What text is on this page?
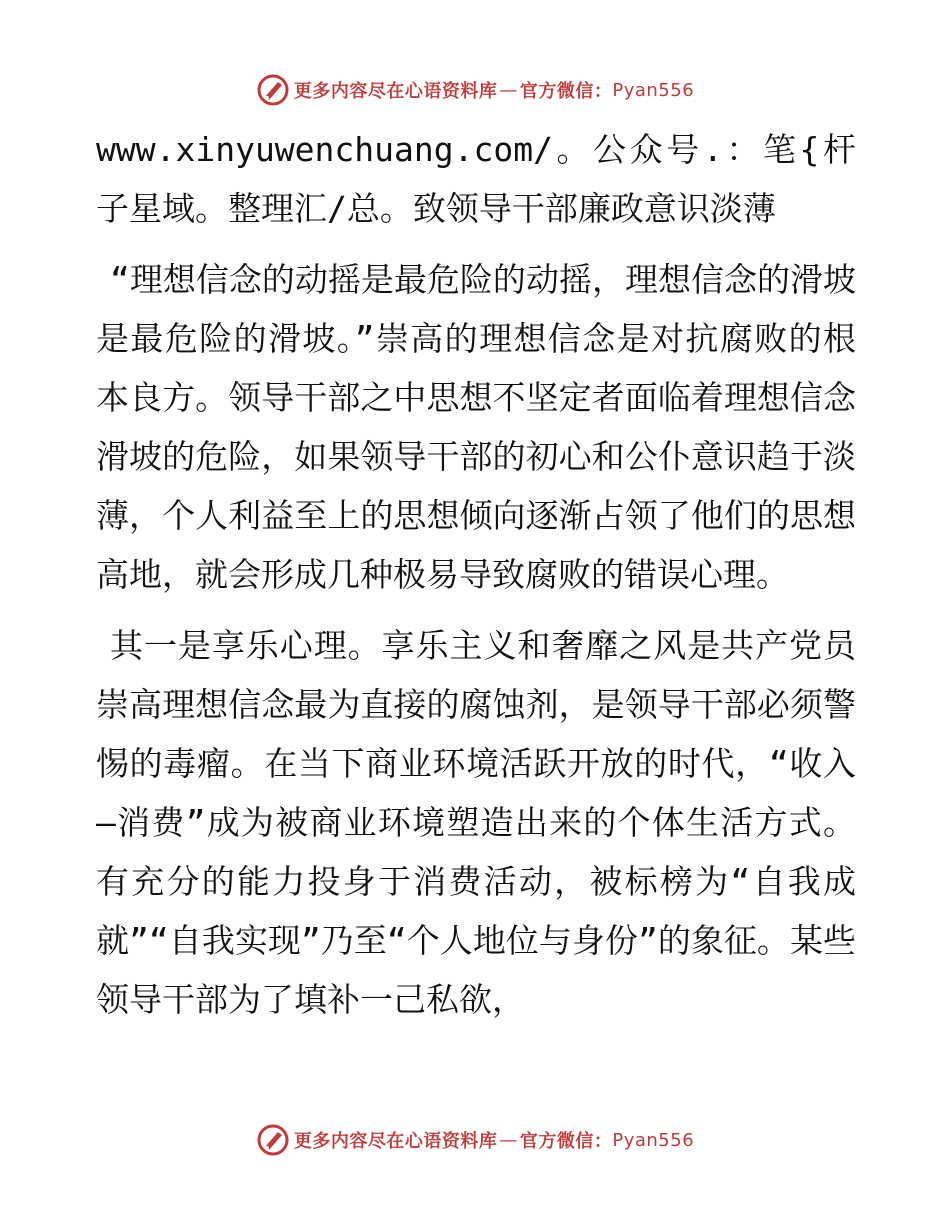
更多内容尽在心语资料库 — 官方微信： Pyan556

www.xinyuwenchuang.com/。公众号.：笔{杆子星域。整理汇/总。致领导干部廉政意识淡薄

“理想信念的动摇是最危险的动摇，理想信念的滑坡是最危险的滑坡。”崇高的理想信念是对抗腐败的根本良方。领导干部之中思想不坚定者面临着理想信念滑坡的危险，如果领导干部的初心和公仆意识趋于淡薄，个人利益至上的思想倾向逐渐占领了他们的思想高地，就会形成几种极易导致腐败的错误心理。

其一是享乐心理。享乐主义和奢靡之风是共产党员崇高理想信念最为直接的腐蚀剂，是领导干部必须警惕的毒瘤。在当下商业环境活跃开放的时代，“收入—消费”成为被商业环境塑造出来的个体生活方式。有充分的能力投身于消费活动，被标榜为“自我成就”“自我实现”乃至“个人地位与身份”的象征。某些领导干部为了填补一己私欲，

更多内容尽在心语资料库 — 官方微信： Pyan556
